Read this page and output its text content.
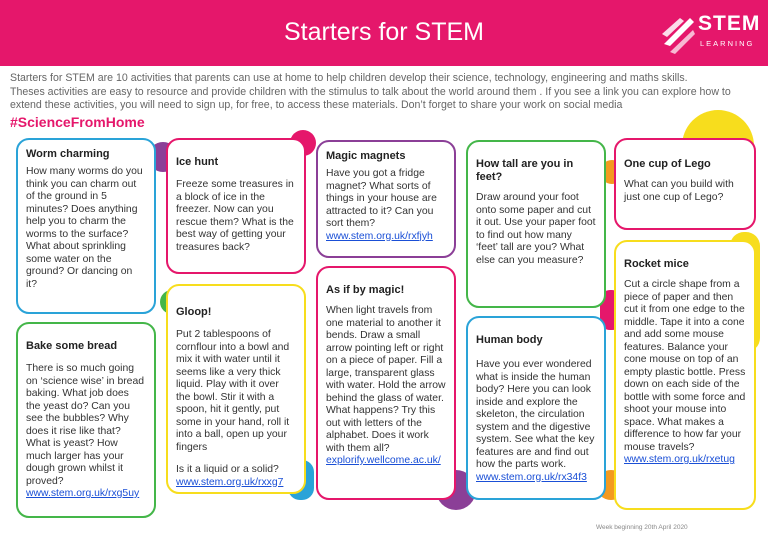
Starters for STEM	STEM
LEARNING
Starters for STEM are 10 activities that parents can use at home to help children develop their science, technology, engineering and maths skills.
Theses activities are easy to resource and provide children with the stimulus to talk about the world around them . If you see a link you can explore how to
extend these activities, you will need to sign up, for free, to access these materials. Don’t forget to share your work on social media
#ScienceFromHome
Worm charming

How many worms do you think you can charm out of the ground in 5 minutes? Does anything help you to charm the worms to the surface? What about sprinkling some water on the ground? Or dancing on it?

Bake some bread

There is so much going on ‘science wise’ in bread baking. What job does the yeast do? Can you see the bubbles? Why does it rise like that? What is yeast? How much larger has your dough grown whilst it proved?

www.stem.org.uk/rxg5uy
Ice hunt

Freeze some treasures in a block of ice in the freezer. Now can you rescue them? What is the best way of getting your treasures back?

Gloop!

Put 2 tablespoons of cornflour into a bowl and mix it with water until it seems like a very thick liquid. Play with it over the bowl. Stir it with a spoon, hit it gently, put some in your hand, roll it into a ball, open up your fingers

Is it a liquid or a solid?

www.stem.org.uk/rxxg7
Magic magnets

Have you got a fridge magnet? What sorts of things in your house are attracted to it? Can you sort them?

www.stem.org.uk/rxfjyh
As if by magic!

When light travels from one material to another it bends. Draw a small arrow pointing left or right on a piece of paper. Fill a large, transparent glass with water. Hold the arrow behind the glass of water. What happens? Try this out with letters of the alphabet. Does it work with them all?

explorify.wellcome.ac.uk/
How tall are you in feet?

Draw around your foot onto some paper and cut it out. Use your paper foot to find out how many ‘feet’ tall are you? What else can you measure?

Human body

Have you ever wondered what is inside the human body? Here you can look inside and explore the skeleton, the circulation system and the digestive system. See what the key features are and find out how the parts work.

www.stem.org.uk/rx34f3
One cup of Lego

What can you build with just one cup of Lego?

Rocket mice

Cut a circle shape from a piece of paper and then cut it from one edge to the middle. Tape it into a cone and add some mouse features. Balance your cone mouse on top of an empty plastic bottle. Press down on each side of the bottle with some force and shoot your mouse into space. What makes a difference to how far your mouse travels?

www.stem.org.uk/rxetug
Week beginning 20th April 2020
